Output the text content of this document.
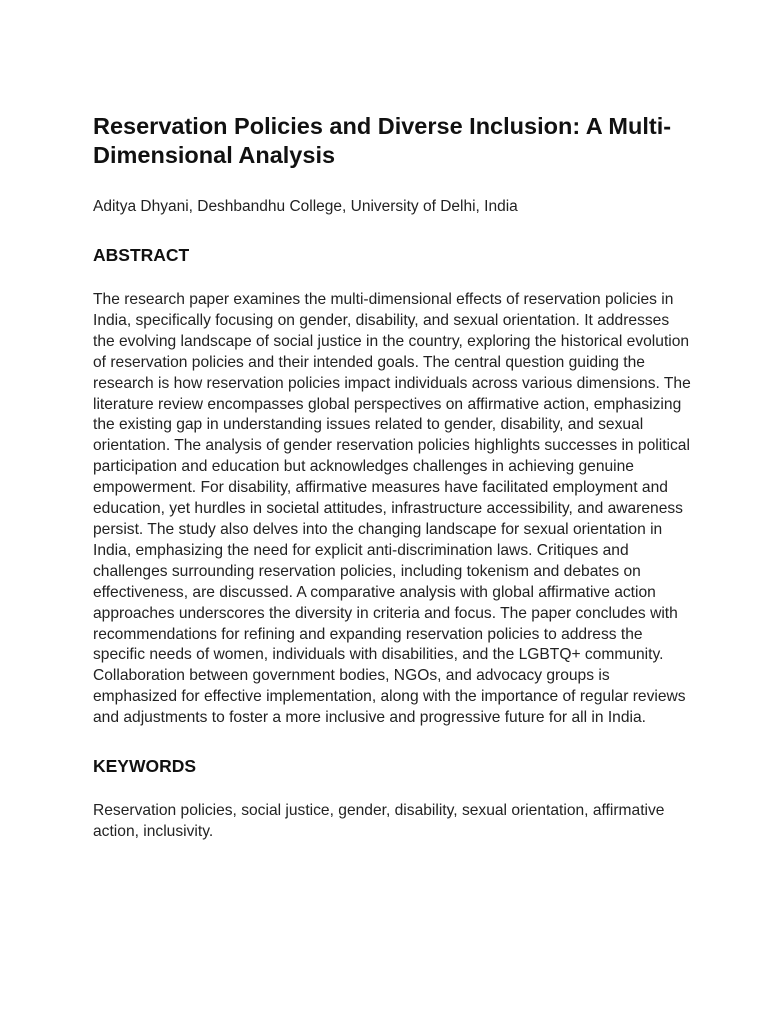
Reservation Policies and Diverse Inclusion: A Multi-Dimensional Analysis

Aditya Dhyani, Deshbandhu College, University of Delhi, India

ABSTRACT

The research paper examines the multi-dimensional effects of reservation policies in India, specifically focusing on gender, disability, and sexual orientation. It addresses the evolving landscape of social justice in the country, exploring the historical evolution of reservation policies and their intended goals. The central question guiding the research is how reservation policies impact individuals across various dimensions. The literature review encompasses global perspectives on affirmative action, emphasizing the existing gap in understanding issues related to gender, disability, and sexual orientation. The analysis of gender reservation policies highlights successes in political participation and education but acknowledges challenges in achieving genuine empowerment. For disability, affirmative measures have facilitated employment and education, yet hurdles in societal attitudes, infrastructure accessibility, and awareness persist. The study also delves into the changing landscape for sexual orientation in India, emphasizing the need for explicit anti-discrimination laws. Critiques and challenges surrounding reservation policies, including tokenism and debates on effectiveness, are discussed. A comparative analysis with global affirmative action approaches underscores the diversity in criteria and focus. The paper concludes with recommendations for refining and expanding reservation policies to address the specific needs of women, individuals with disabilities, and the LGBTQ+ community. Collaboration between government bodies, NGOs, and advocacy groups is emphasized for effective implementation, along with the importance of regular reviews and adjustments to foster a more inclusive and progressive future for all in India.

KEYWORDS

Reservation policies, social justice, gender, disability, sexual orientation, affirmative action, inclusivity.
